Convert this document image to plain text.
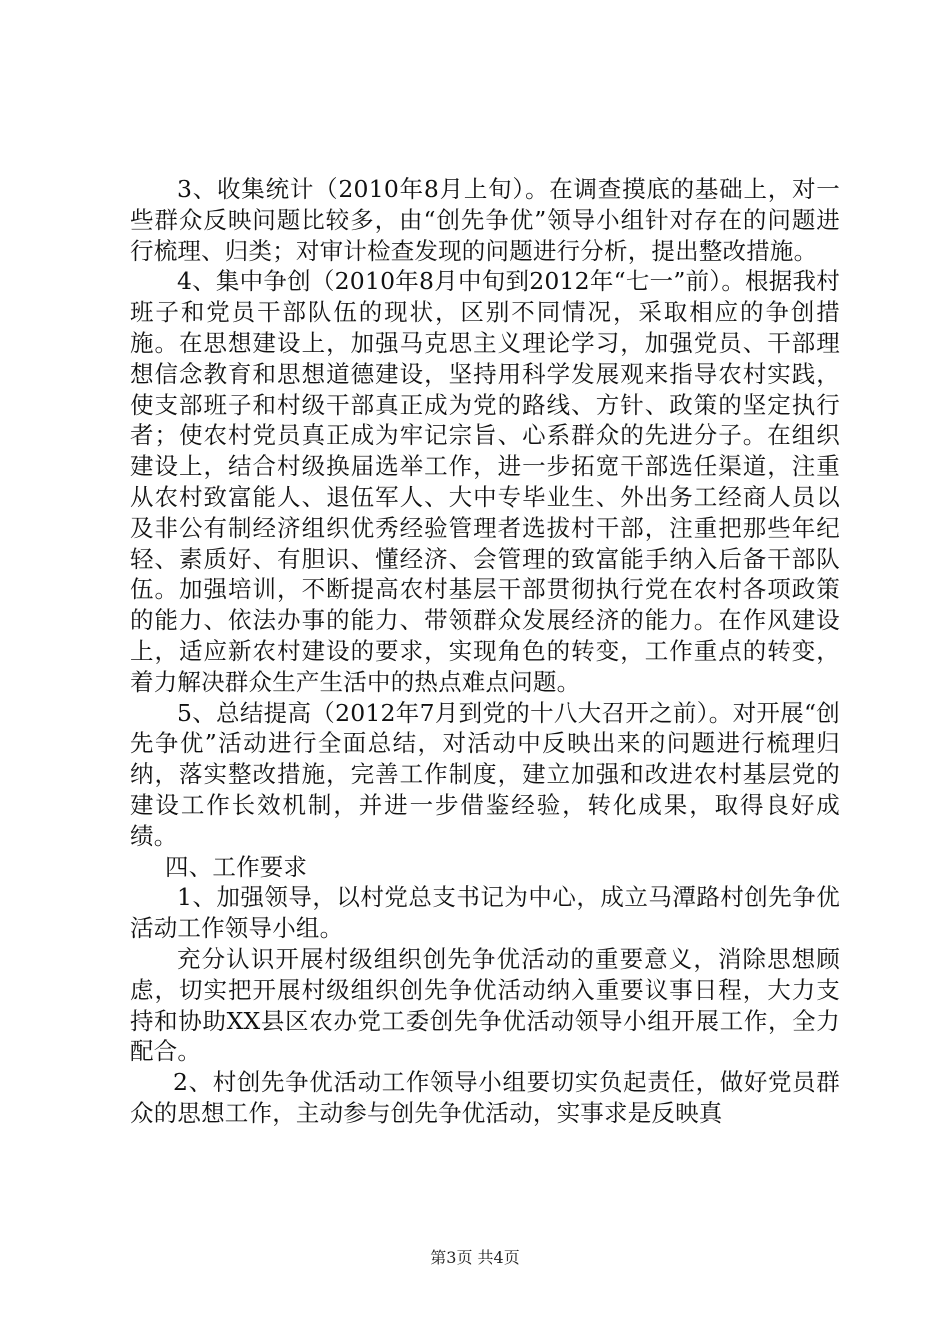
3、收集统计（2010年8月上旬）。在调查摸底的基础上，对一些群众反映问题比较多，由“创先争优”领导小组针对存在的问题进行梳理、归类；对审计检查发现的问题进行分析，提出整改措施。

4、集中争创（2010年8月中旬到2012年“七一”前）。根据我村班子和党员干部队伍的现状，区别不同情况，采取相应的争创措施。在思想建设上，加强马克思主义理论学习，加强党员、干部理想信念教育和思想道德建设，坚持用科学发展观来指导农村实践，使支部班子和村级干部真正成为党的路线、方针、政策的坚定执行者；使农村党员真正成为牢记宗旨、心系群众的先进分子。在组织建设上，结合村级换届选举工作，进一步拓宽干部选任渠道，注重从农村致富能人、退伍军人、大中专毕业生、外出务工经商人员以及非公有制经济组织优秀经验管理者选拔村干部，注重把那些年纪轻、素质好、有胆识、懂经济、会管理的致富能手纳入后备干部队伍。加强培训，不断提高农村基层干部贯彻执行党在农村各项政策的能力、依法办事的能力、带领群众发展经济的能力。在作风建设上，适应新农村建设的要求，实现角色的转变，工作重点的转变，着力解决群众生产生活中的热点难点问题。

5、总结提高（2012年7月到党的十八大召开之前）。对开展“创先争优”活动进行全面总结，对活动中反映出来的问题进行梳理归纳，落实整改措施，完善工作制度，建立加强和改进农村基层党的建设工作长效机制，并进一步借鉴经验，转化成果，取得良好成绩。

四、工作要求

1、加强领导，以村党总支书记为中心，成立马潭路村创先争优活动工作领导小组。

充分认识开展村级组织创先争优活动的重要意义，消除思想顾虑，切实把开展村级组织创先争优活动纳入重要议事日程，大力支持和协助XX县区农办党工委创先争优活动领导小组开展工作，全力配合。

2、村创先争优活动工作领导小组要切实负起责任，做好党员群众的思想工作，主动参与创先争优活动，实事求是反映真

第3页 共4页
